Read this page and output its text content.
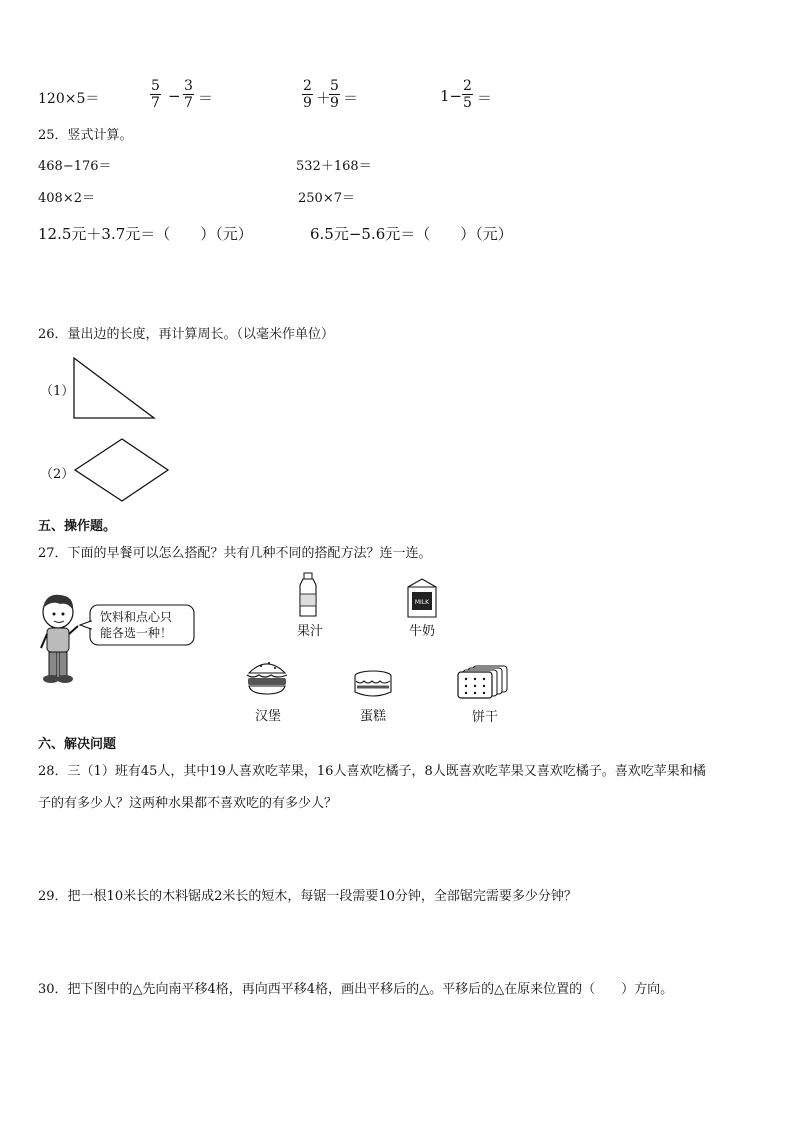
120×5＝	$\frac{5}{7} - \frac{3}{7}$ ＝	$\frac{2}{9}$ ＋
$\frac{5}{9}$ ＝	$1- \frac{2}{5}$ ＝
25．竖式计算。
468−176＝	532＋168＝
408×2＝	250×7＝
12.5元＋3.7元＝（　　）（元）	6.5元−5.6元＝（　　）（元）
26．量出边的长度，再计算周长。（以毫米作单位）
（1）
（2）
五、操作题。
27．下面的早餐可以怎么搭配？共有几种不同的搭配方法？连一连。
饮料和点心只
能各选一种！	果汁
MILK
牛奶
汉堡	蛋糕	饼干
六、解决问题
28．三（1）班有45人，其中19人喜欢吃苹果，16人喜欢吃橘子，8人既喜欢吃苹果又喜欢吃橘子。喜欢吃苹果和橘
子的有多少人？这两种水果都不喜欢吃的有多少人？
29．把一根10米长的木料锯成2米长的短木，每锯一段需要10分钟，全部锯完需要多少分钟？
30．把下图中的△先向南平移4格，再向西平移4格，画出平移后的△。平移后的△在原来位置的（　　）方向。
